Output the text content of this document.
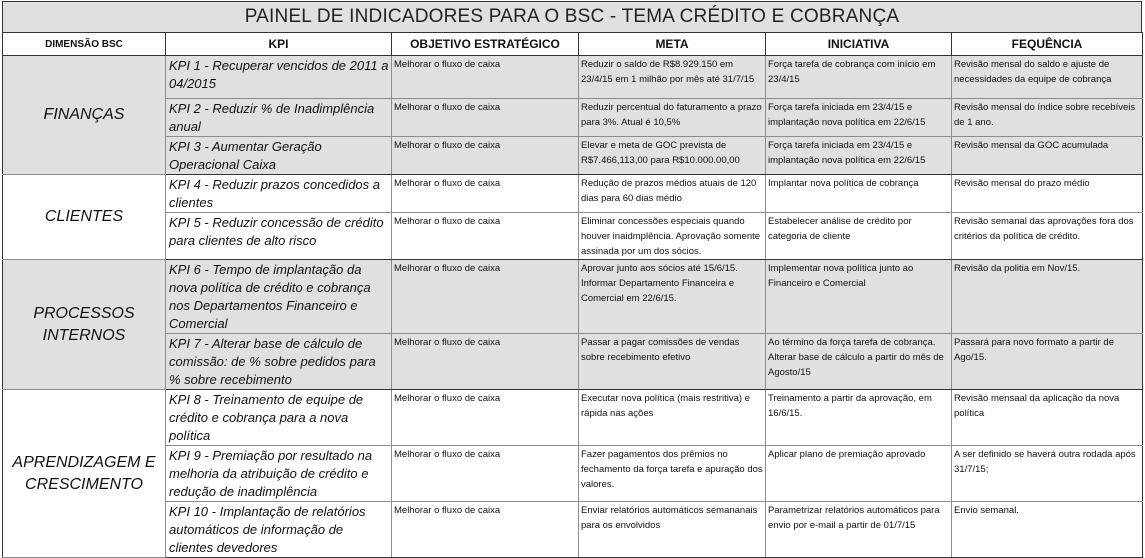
PAINEL DE INDICADORES PARA O BSC - TEMA CRÉDITO E COBRANÇA
DIMENSÃO BSC	KPI	OBJETIVO ESTRATÉGICO	META	INICIATIVA	FEQUÊNCIA
FINANÇAS	KPI 1 - Recuperar vencidos de 2011 a 04/2015	Melhorar o fluxo de caixa	Reduzir o saldo de R$8.929.150 em 23/4/15 em 1 milhão por mês até 31/7/15	Força tarefa de cobrança com início em 23/4/15	Revisão mensal do saldo e ajuste de necessidades da equipe de cobrança
	KPI 2 - Reduzir % de Inadimplência anual	Melhorar o fluxo de caixa	Reduzir percentual do faturamento a prazo para 3%. Atual é 10,5%	Força tarefa iniciada em 23/4/15 e implantação nova política em 22/6/15	Revisão mensal do índice sobre recebíveis de 1 ano.
	KPI 3 - Aumentar Geração Operacional Caixa	Melhorar o fluxo de caixa	Elevar e meta de GOC prevista de R$7.466,113,00 para R$10.000.00,00	Força tarefa iniciada em 23/4/15 e implantação nova política em 22/6/15	Revisão mensal da GOC acumulada
CLIENTES	KPI 4 - Reduzir prazos concedidos a clientes	Melhorar o fluxo de caixa	Redução de prazos médios atuais de 120 dias para 60 dias médio	Implantar nova política de cobrança	Revisão mensal do prazo médio
	KPI 5 - Reduzir concessão de crédito para clientes de alto risco	Melhorar o fluxo de caixa	Eliminar concessões especiais quando houver inaidmplência. Aprovação somente assinada por um dos sócios.	Estabelecer análise de crédito por categoria de cliente	Revisão semanal das aprovações fora dos critérios da política de crédito.
PROCESSOS INTERNOS	KPI 6 - Tempo de implantação da nova política de crédito e cobrança nos Departamentos Financeiro e Comercial	Melhorar o fluxo de caixa	Aprovar junto aos sócios até 15/6/15. Informar Departamento Financeira e Comercial em 22/6/15.	Implementar nova política junto ao Financeiro e Comercial	Revisão da politia em Nov/15.
	KPI 7 - Alterar base de cálculo de comissão: de % sobre pedidos para % sobre recebimento	Melhorar o fluxo de caixa	Passar a pagar comissões de vendas sobre recebimento efetivo	Ao término da força tarefa de cobrança. Alterar base de cálculo a partir do mês de Agosto/15	Passará para novo formato a partir de Ago/15.
APRENDIZAGEM E CRESCIMENTO	KPI 8 - Treinamento de equipe de crédito e cobrança para a nova política	Melhorar o fluxo de caixa	Executar nova política (mais restritiva) e rápida nas ações	Treinamento a partir da aprovação, em 16/6/15.	Revisão mensaal da aplicação da nova política
	KPI 9 - Premiação por resultado na melhoria da atribuição de crédito e redução de inadimplência	Melhorar o fluxo de caixa	Fazer pagamentos dos prêmios no fechamento da força tarefa e apuração dos valores.	Aplicar plano de premiação aprovado	A ser definido se haverá outra rodada após 31/7/15;
	KPI 10 - Implantação de relatórios automáticos de informação de clientes devedores	Melhorar o fluxo de caixa	Enviar relatórios automáticos semananais para os envolvidos	Parametrizar relatórios automáticos para envio por e-mail a partir de 01/7/15	Envio semanal.
